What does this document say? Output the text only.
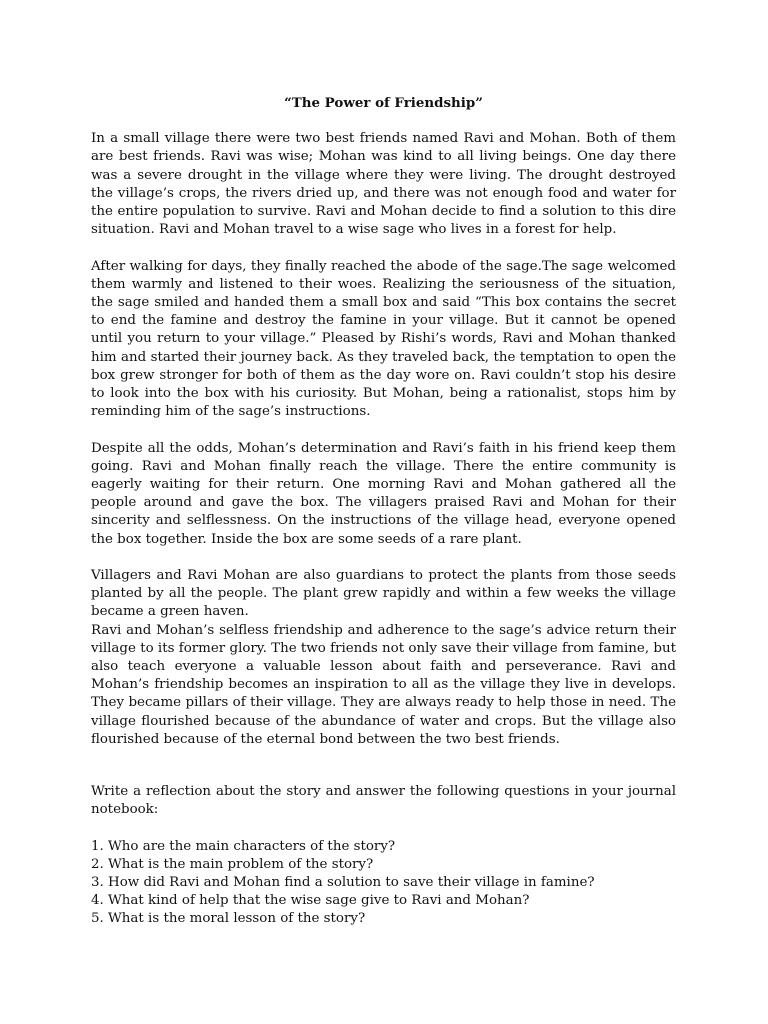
“The Power of Friendship”

In a small village there were two best friends named Ravi and Mohan. Both of them are best friends. Ravi was wise; Mohan was kind to all living beings. One day there was a severe drought in the village where they were living. The drought destroyed the village’s crops, the rivers dried up, and there was not enough food and water for the entire population to survive. Ravi and Mohan decide to find a solution to this dire situation. Ravi and Mohan travel to a wise sage who lives in a forest for help.

After walking for days, they finally reached the abode of the sage.The sage welcomed them warmly and listened to their woes. Realizing the seriousness of the situation, the sage smiled and handed them a small box and said “This box contains the secret to end the famine and destroy the famine in your village. But it cannot be opened until you return to your village.” Pleased by Rishi’s words, Ravi and Mohan thanked him and started their journey back. As they traveled back, the temptation to open the box grew stronger for both of them as the day wore on. Ravi couldn’t stop his desire to look into the box with his curiosity. But Mohan, being a rationalist, stops him by reminding him of the sage’s instructions.

Despite all the odds, Mohan’s determination and Ravi’s faith in his friend keep them going. Ravi and Mohan finally reach the village. There the entire community is eagerly waiting for their return. One morning Ravi and Mohan gathered all the people around and gave the box. The villagers praised Ravi and Mohan for their sincerity and selflessness. On the instructions of the village head, everyone opened the box together. Inside the box are some seeds of a rare plant.

Villagers and Ravi Mohan are also guardians to protect the plants from those seeds planted by all the people. The plant grew rapidly and within a few weeks the village became a green haven.

Ravi and Mohan’s selfless friendship and adherence to the sage’s advice return their village to its former glory. The two friends not only save their village from famine, but also teach everyone a valuable lesson about faith and perseverance. Ravi and Mohan’s friendship becomes an inspiration to all as the village they live in develops. They became pillars of their village. They are always ready to help those in need. The village flourished because of the abundance of water and crops. But the village also flourished because of the eternal bond between the two best friends.

Write a reflection about the story and answer the following questions in your journal notebook:

1. Who are the main characters of the story?
2. What is the main problem of the story?
3. How did Ravi and Mohan find a solution to save their village in famine?
4. What kind of help that the wise sage give to Ravi and Mohan?
5. What is the moral lesson of the story?
